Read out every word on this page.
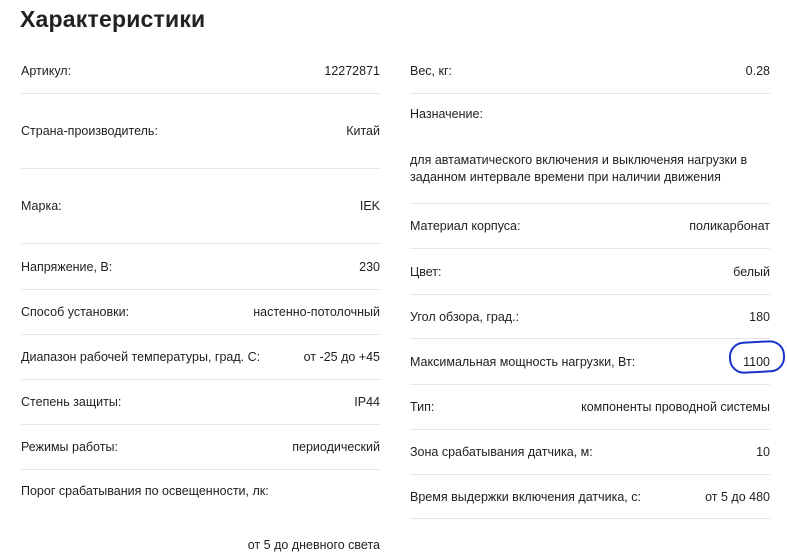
Характеристики
Артикул:	12272871
Страна-производитель:	Китай
Марка:	IEK
Напряжение, В:	230
Способ установки:	настенно-потолочный
Диапазон рабочей температуры, град. С:	от -25 до +45
Степень защиты:	IP44
Режимы работы:	периодический
Порог срабатывания по освещенности, лк:
от 5 до дневного света
Вес, кг:	0.28
Назначение:
для автаматического включения и выключеняя нагрузки в заданном интервале времени при наличии движения
Материал корпуса:	поликарбонат
Цвет:	белый
Угол обзора, град.:	180
Максимальная мощность нагрузки, Вт:	1100
Тип:	компоненты проводной системы
Зона срабатывания датчика, м:	10
Время выдержки включения датчика, с:	от 5 до 480
